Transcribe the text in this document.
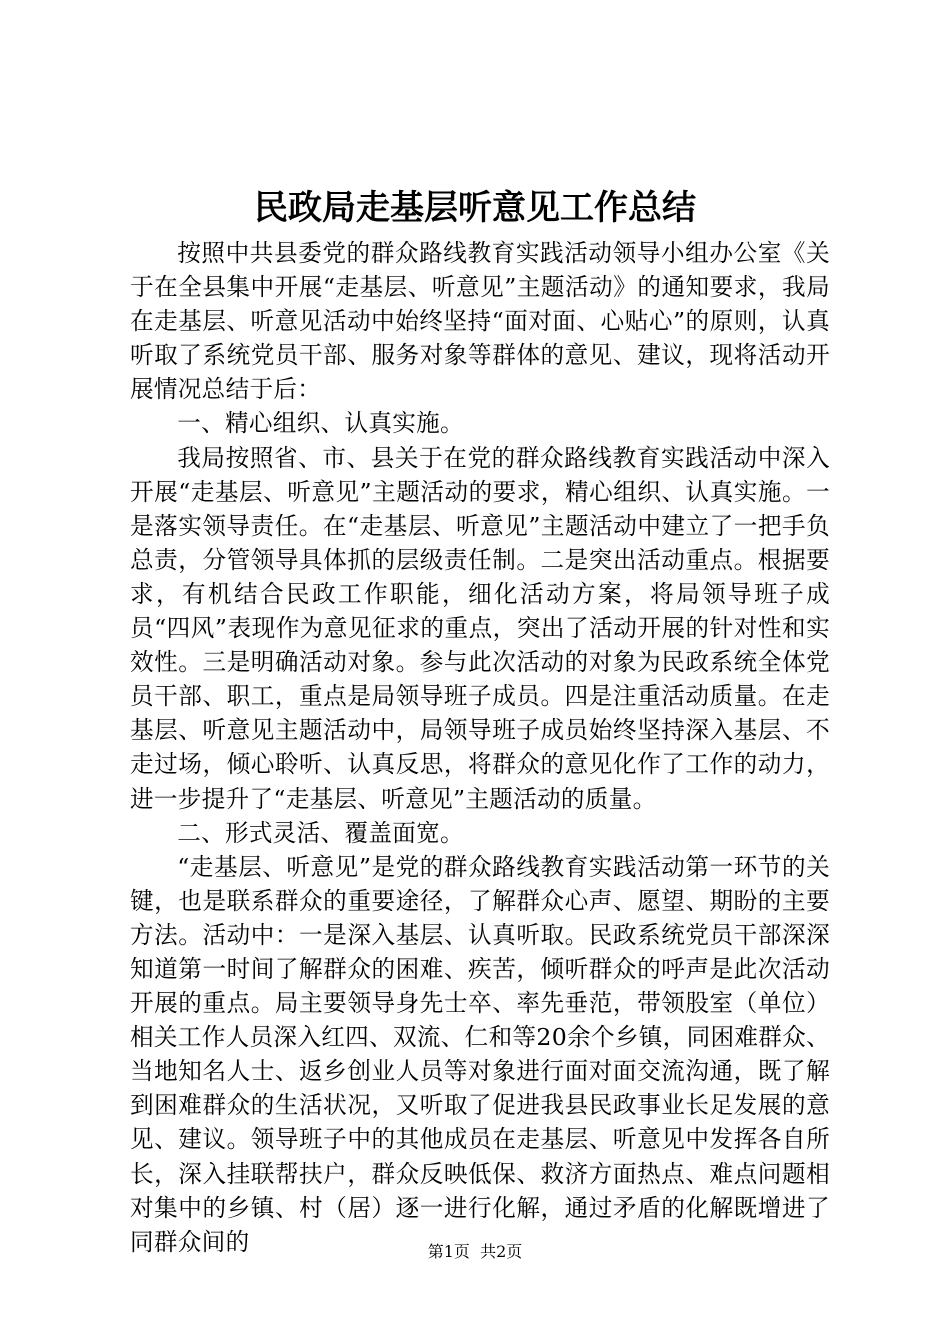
民政局走基层听意见工作总结

按照中共县委党的群众路线教育实践活动领导小组办公室《关于在全县集中开展“走基层、听意见”主题活动》的通知要求，我局在走基层、听意见活动中始终坚持“面对面、心贴心”的原则，认真听取了系统党员干部、服务对象等群体的意见、建议，现将活动开展情况总结于后：

一、精心组织、认真实施。

我局按照省、市、县关于在党的群众路线教育实践活动中深入开展“走基层、听意见”主题活动的要求，精心组织、认真实施。一是落实领导责任。在“走基层、听意见”主题活动中建立了一把手负总责，分管领导具体抓的层级责任制。二是突出活动重点。根据要求，有机结合民政工作职能，细化活动方案，将局领导班子成员“四风”表现作为意见征求的重点，突出了活动开展的针对性和实效性。三是明确活动对象。参与此次活动的对象为民政系统全体党员干部、职工，重点是局领导班子成员。四是注重活动质量。在走基层、听意见主题活动中，局领导班子成员始终坚持深入基层、不走过场，倾心聆听、认真反思，将群众的意见化作了工作的动力，进一步提升了“走基层、听意见”主题活动的质量。

二、形式灵活、覆盖面宽。

“走基层、听意见”是党的群众路线教育实践活动第一环节的关键，也是联系群众的重要途径，了解群众心声、愿望、期盼的主要方法。活动中：一是深入基层、认真听取。民政系统党员干部深深知道第一时间了解群众的困难、疾苦，倾听群众的呼声是此次活动开展的重点。局主要领导身先士卒、率先垂范，带领股室（单位）相关工作人员深入红四、双流、仁和等20余个乡镇，同困难群众、当地知名人士、返乡创业人员等对象进行面对面交流沟通，既了解到困难群众的生活状况，又听取了促进我县民政事业长足发展的意见、建议。领导班子中的其他成员在走基层、听意见中发挥各自所长，深入挂联帮扶户，群众反映低保、救济方面热点、难点问题相对集中的乡镇、村（居）逐一进行化解，通过矛盾的化解既增进了同群众间的	第1页 共2页
